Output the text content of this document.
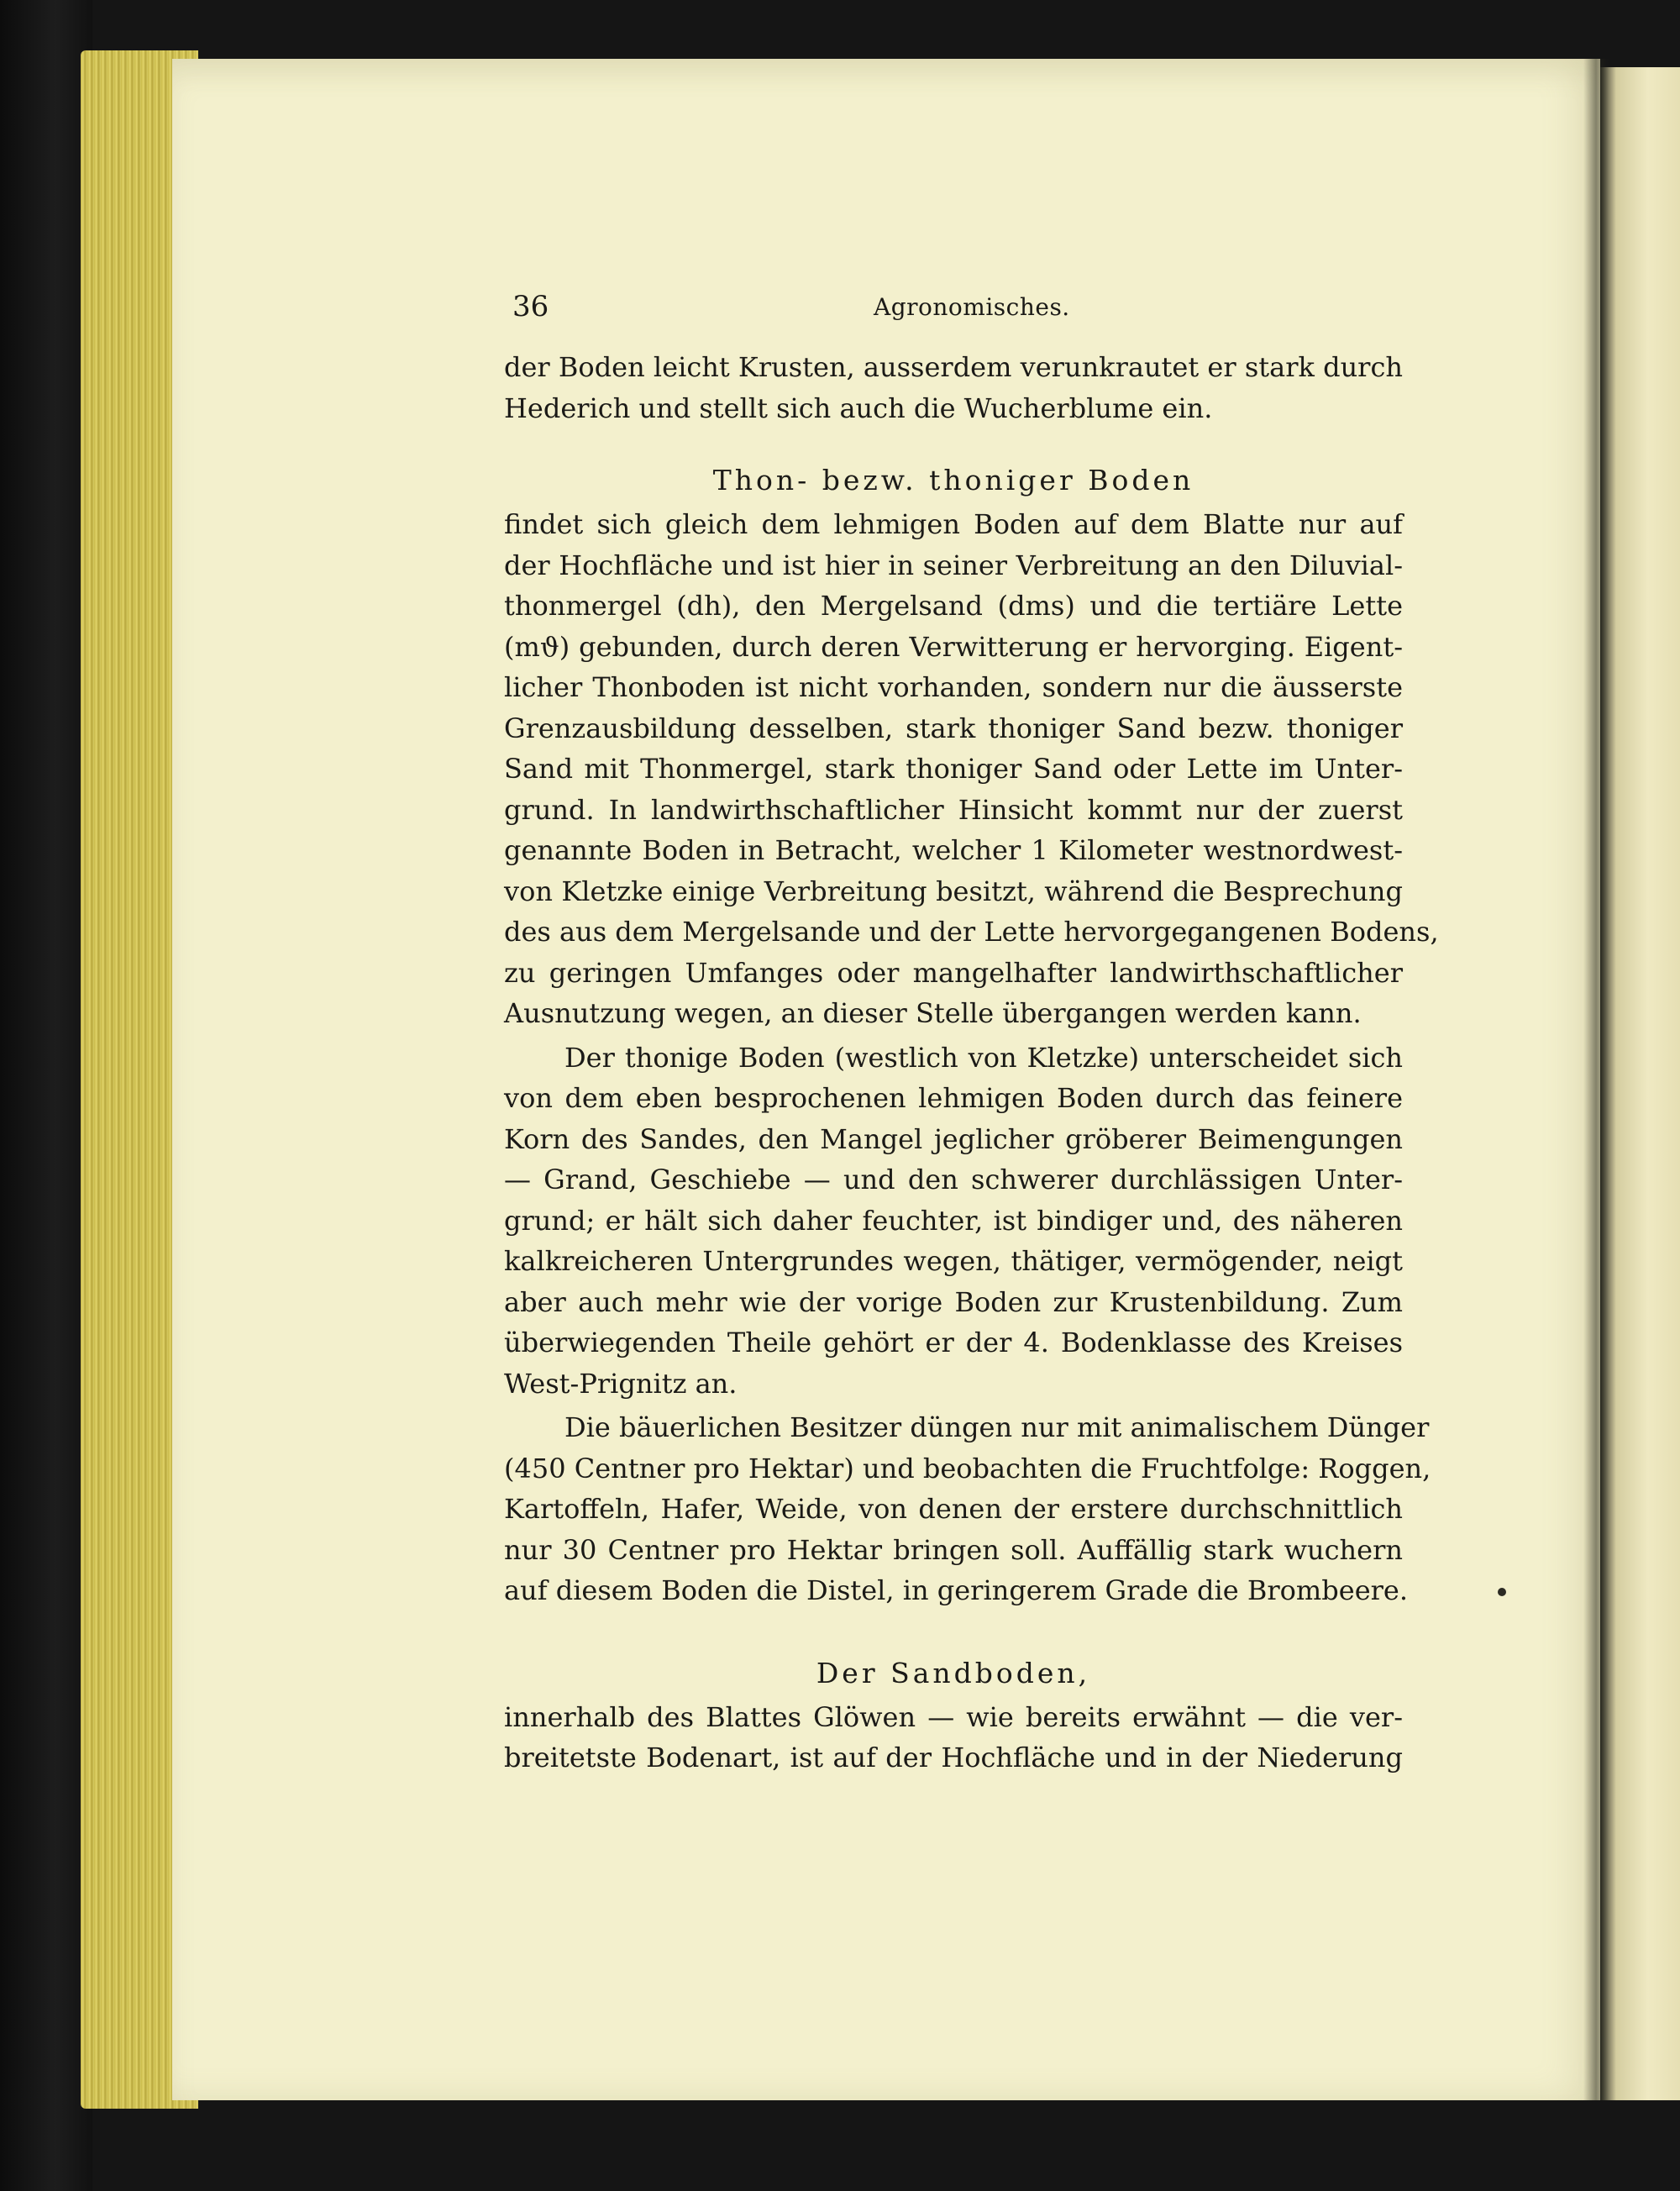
36	Agronomisches.
der Boden leicht Krusten, ausserdem verunkrautet er stark durch
Hederich und stellt sich auch die Wucherblume ein.
Thon- bezw. thoniger Boden
findet sich gleich dem lehmigen Boden auf dem Blatte nur auf
der Hochfläche und ist hier in seiner Verbreitung an den Diluvial-
thonmergel (dh), den Mergelsand (dms) und die tertiäre Lette
(mϑ) gebunden, durch deren Verwitterung er hervorging. Eigent-
licher Thonboden ist nicht vorhanden, sondern nur die äusserste
Grenzausbildung desselben, stark thoniger Sand bezw. thoniger
Sand mit Thonmergel, stark thoniger Sand oder Lette im Unter-
grund. In landwirthschaftlicher Hinsicht kommt nur der zuerst
genannte Boden in Betracht, welcher 1 Kilometer westnordwest-
von Kletzke einige Verbreitung besitzt, während die Besprechung
des aus dem Mergelsande und der Lette hervorgegangenen Bodens,
zu geringen Umfanges oder mangelhafter landwirthschaftlicher
Ausnutzung wegen, an dieser Stelle übergangen werden kann.
Der thonige Boden (westlich von Kletzke) unterscheidet sich
von dem eben besprochenen lehmigen Boden durch das feinere
Korn des Sandes, den Mangel jeglicher gröberer Beimengungen
— Grand, Geschiebe — und den schwerer durchlässigen Unter-
grund; er hält sich daher feuchter, ist bindiger und, des näheren
kalkreicheren Untergrundes wegen, thätiger, vermögender, neigt
aber auch mehr wie der vorige Boden zur Krustenbildung. Zum
überwiegenden Theile gehört er der 4. Bodenklasse des Kreises
West-Prignitz an.
Die bäuerlichen Besitzer düngen nur mit animalischem Dünger
(450 Centner pro Hektar) und beobachten die Fruchtfolge: Roggen,
Kartoffeln, Hafer, Weide, von denen der erstere durchschnittlich
nur 30 Centner pro Hektar bringen soll. Auffällig stark wuchern
auf diesem Boden die Distel, in geringerem Grade die Brombeere.
Der Sandboden,
innerhalb des Blattes Glöwen — wie bereits erwähnt — die ver-
breitetste Bodenart, ist auf der Hochfläche und in der Niederung
